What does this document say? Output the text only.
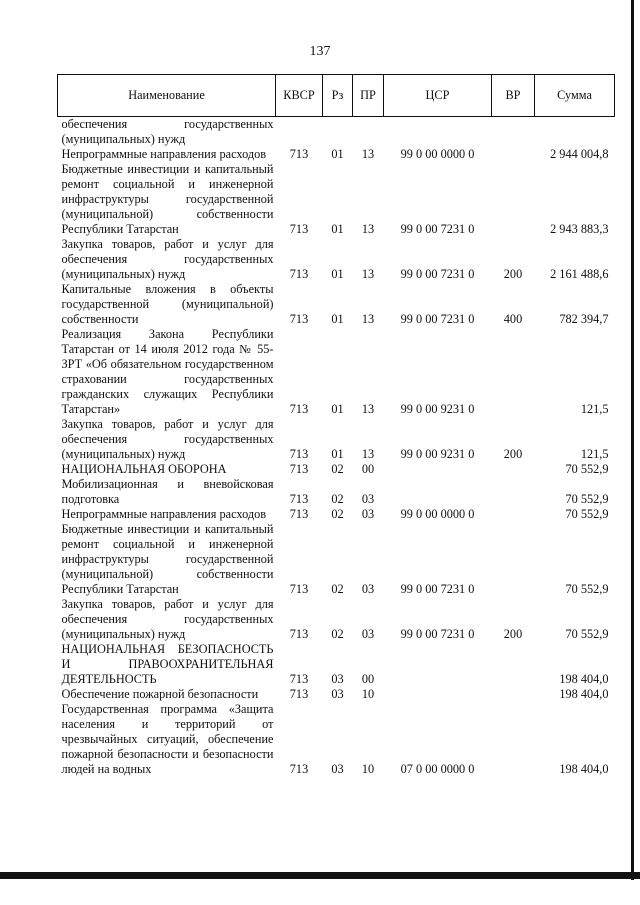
137
Наименование	КВСР	Рз	ПР	ЦСР	ВР	Сумма
обеспечения государственных (муниципальных) нужд						
Непрограммные направления расходов	713	01	13	99 0 00 0000 0		2 944 004,8
Бюджетные инвестиции и капитальный ремонт социальной и инженерной инфраструктуры государственной (муниципальной) собственности Республики Татарстан	713	01	13	99 0 00 7231 0		2 943 883,3
Закупка товаров, работ и услуг для обеспечения государственных (муниципальных) нужд	713	01	13	99 0 00 7231 0	200	2 161 488,6
Капитальные вложения в объекты государственной (муниципальной) собственности	713	01	13	99 0 00 7231 0	400	782 394,7
Реализация Закона Республики Татарстан от 14 июля 2012 года № 55-ЗРТ «Об обязательном государственном страховании государственных гражданских служащих Республики Татарстан»	713	01	13	99 0 00 9231 0		121,5
Закупка товаров, работ и услуг для обеспечения государственных (муниципальных) нужд	713	01	13	99 0 00 9231 0	200	121,5
НАЦИОНАЛЬНАЯ ОБОРОНА	713	02	00			70 552,9
Мобилизационная и вневойсковая подготовка	713	02	03			70 552,9
Непрограммные направления расходов	713	02	03	99 0 00 0000 0		70 552,9
Бюджетные инвестиции и капитальный ремонт социальной и инженерной инфраструктуры государственной (муниципальной) собственности Республики Татарстан	713	02	03	99 0 00 7231 0		70 552,9
Закупка товаров, работ и услуг для обеспечения государственных (муниципальных) нужд	713	02	03	99 0 00 7231 0	200	70 552,9
НАЦИОНАЛЬНАЯ БЕЗОПАСНОСТЬ И ПРАВООХРАНИТЕЛЬНАЯ ДЕЯТЕЛЬНОСТЬ	713	03	00			198 404,0
Обеспечение пожарной безопасности	713	03	10			198 404,0
Государственная программа «Защита населения и территорий от чрезвычайных ситуаций, обеспечение пожарной безопасности и безопасности людей на водных	713	03	10	07 0 00 0000 0		198 404,0
